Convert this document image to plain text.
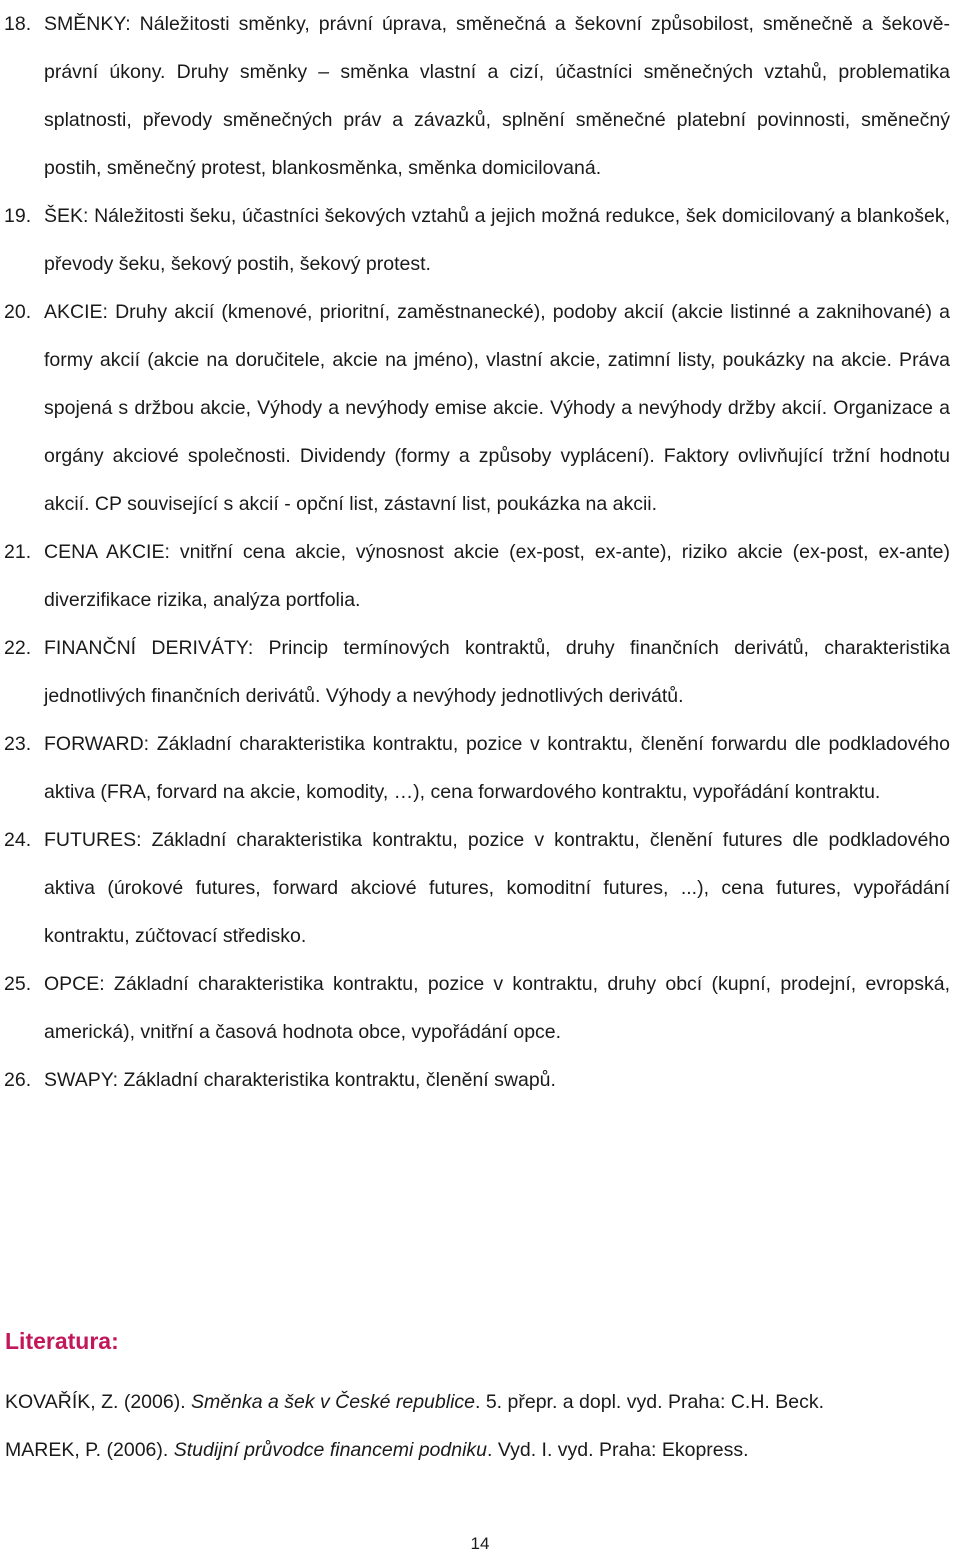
18. SMĚNKY: Náležitosti směnky, právní úprava, směnečná a šekovní způsobilost, směnečně a šekově-právní úkony. Druhy směnky – směnka vlastní a cizí, účastníci směnečných vztahů, problematika splatnosti, převody směnečných práv a závazků, splnění směnečné platební povinnosti, směnečný postih, směnečný protest, blankosměnka, směnka domicilovaná.
19. ŠEK: Náležitosti šeku, účastníci šekových vztahů a jejich možná redukce, šek domicilovaný a blankošek, převody šeku, šekový postih, šekový protest.
20. AKCIE: Druhy akcií (kmenové, prioritní, zaměstnanecké), podoby akcií (akcie listinné a zaknihované) a formy akcií (akcie na doručitele, akcie na jméno), vlastní akcie, zatimní listy, poukázky na akcie. Práva spojená s držbou akcie, Výhody a nevýhody emise akcie. Výhody a nevýhody držby akcií. Organizace a orgány akciové společnosti. Dividendy (formy a způsoby vyplácení). Faktory ovlivňující tržní hodnotu akcií. CP související s akcií - opční list, zástavní list, poukázka na akcii.
21. CENA AKCIE: vnitřní cena akcie, výnosnost akcie (ex-post, ex-ante), riziko akcie (ex-post, ex-ante) diverzifikace rizika, analýza portfolia.
22. FINANČNÍ DERIVÁTY: Princip termínových kontraktů, druhy finančních derivátů, charakteristika jednotlivých finančních derivátů. Výhody a nevýhody jednotlivých derivátů.
23. FORWARD: Základní charakteristika kontraktu, pozice v kontraktu, členění forwardu dle podkladového aktiva (FRA, forvard na akcie, komodity, …), cena forwardového kontraktu, vypořádání kontraktu.
24. FUTURES: Základní charakteristika kontraktu, pozice v kontraktu, členění futures dle podkladového aktiva (úrokové futures, forward akciové futures, komoditní futures, ...), cena futures, vypořádání kontraktu, zúčtovací středisko.
25. OPCE: Základní charakteristika kontraktu, pozice v kontraktu, druhy obcí (kupní, prodejní, evropská, americká), vnitřní a časová hodnota obce, vypořádání opce.
26. SWAPY: Základní charakteristika kontraktu, členění swapů.
Literatura:
KOVAŘÍK, Z. (2006). Směnka a šek v České republice. 5. přepr. a dopl. vyd. Praha: C.H. Beck.
MAREK, P. (2006). Studijní průvodce financemi podniku. Vyd. I. vyd. Praha: Ekopress.
14
